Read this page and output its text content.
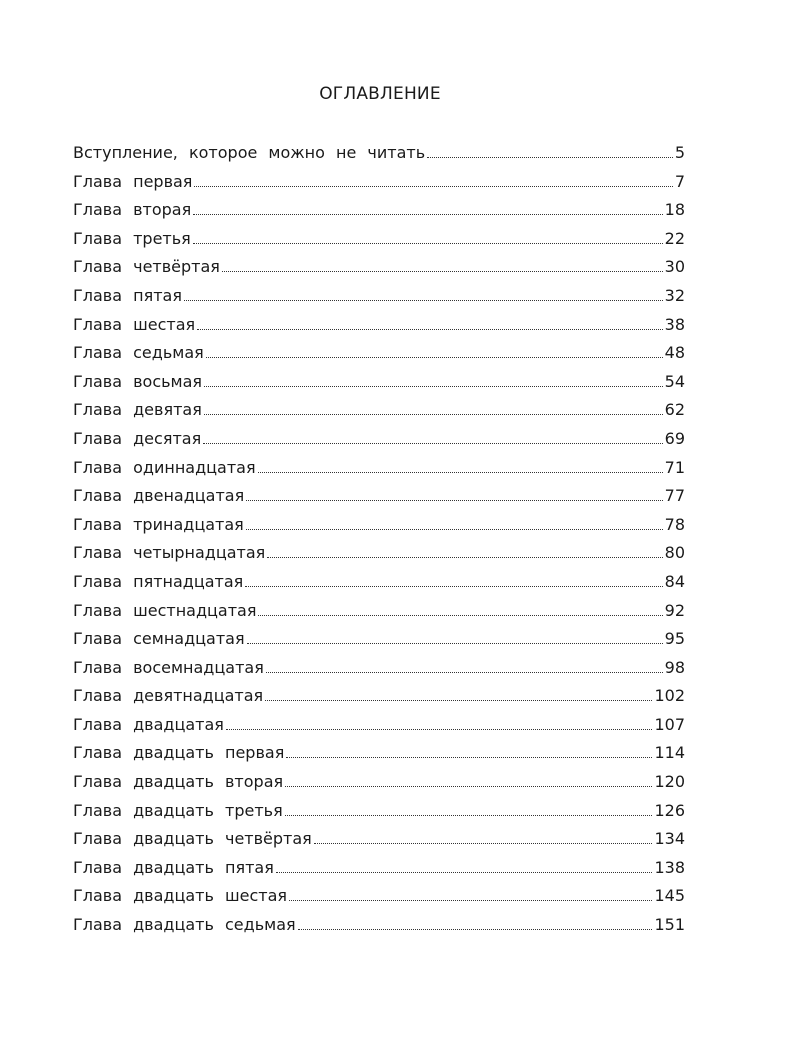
ОГЛАВЛЕНИЕ
Вступление, которое можно не читать	5
Глава первая	7
Глава вторая	18
Глава третья	22
Глава четвёртая	30
Глава пятая	32
Глава шестая	38
Глава седьмая	48
Глава восьмая	54
Глава девятая	62
Глава десятая	69
Глава одиннадцатая	71
Глава двенадцатая	77
Глава тринадцатая	78
Глава четырнадцатая	80
Глава пятнадцатая	84
Глава шестнадцатая	92
Глава семнадцатая	95
Глава восемнадцатая	98
Глава девятнадцатая	102
Глава двадцатая	107
Глава двадцать первая	114
Глава двадцать вторая	120
Глава двадцать третья	126
Глава двадцать четвёртая	134
Глава двадцать пятая	138
Глава двадцать шестая	145
Глава двадцать седьмая	151
